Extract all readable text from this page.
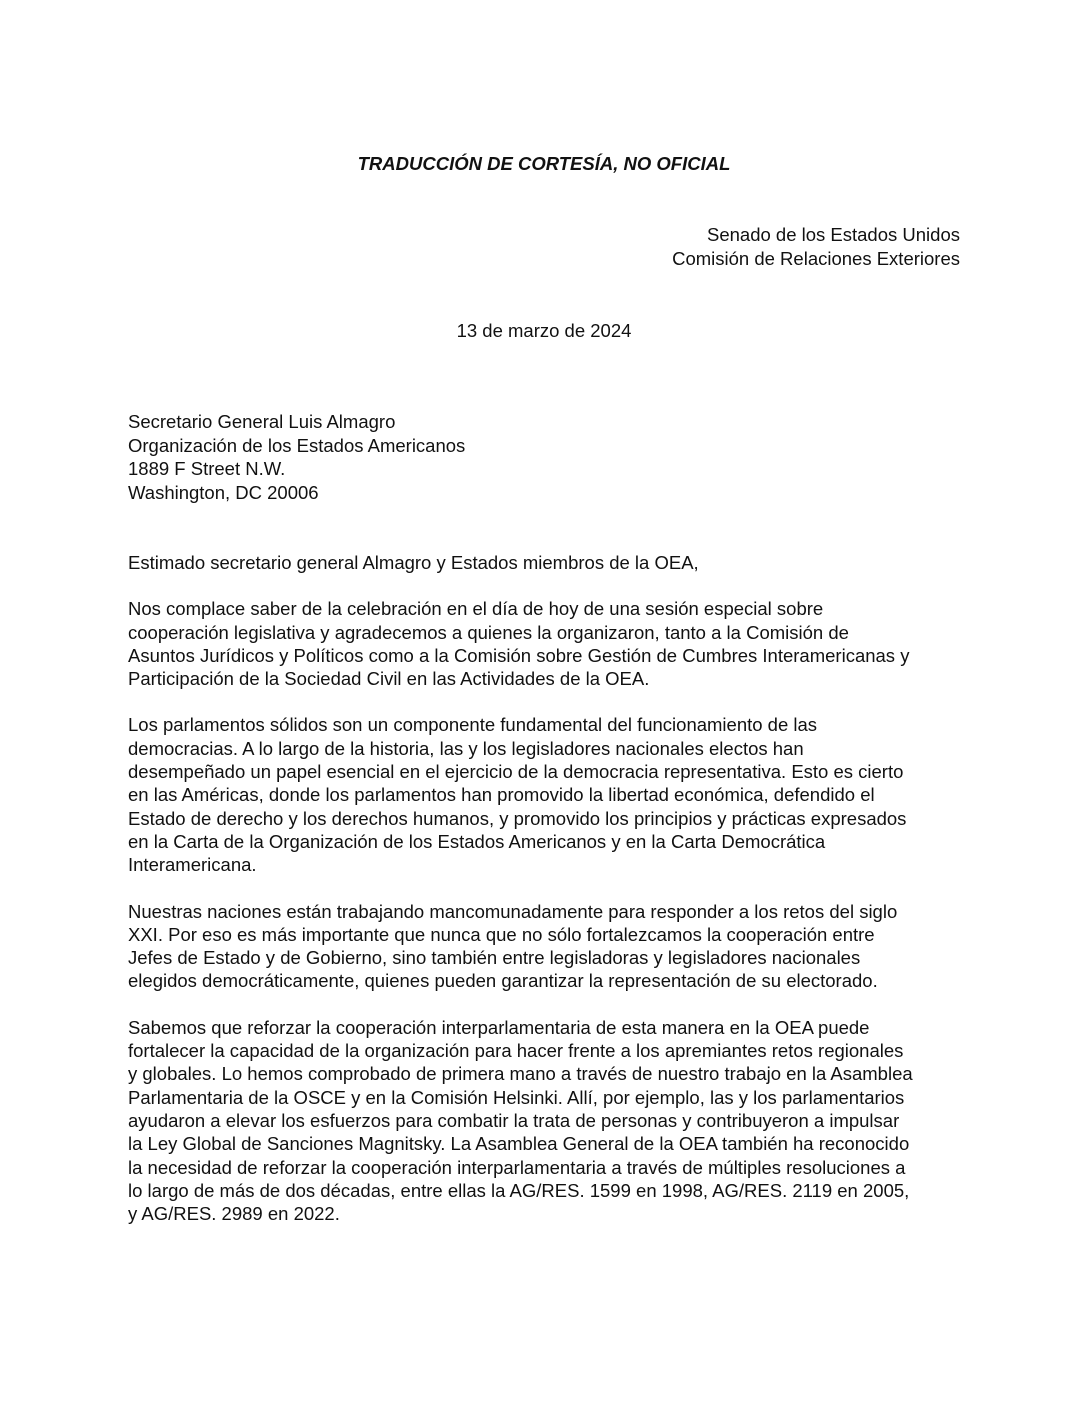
TRADUCCIÓN DE CORTESÍA, NO OFICIAL
Senado de los Estados Unidos
Comisión de Relaciones Exteriores
13 de marzo de 2024
Secretario General Luis Almagro
Organización de los Estados Americanos
1889 F Street N.W.
Washington, DC 20006

Estimado secretario general Almagro y Estados miembros de la OEA,

Nos complace saber de la celebración en el día de hoy de una sesión especial sobre
cooperación legislativa y agradecemos a quienes la organizaron, tanto a la Comisión de
Asuntos Jurídicos y Políticos como a la Comisión sobre Gestión de Cumbres Interamericanas y
Participación de la Sociedad Civil en las Actividades de la OEA.

Los parlamentos sólidos son un componente fundamental del funcionamiento de las
democracias. A lo largo de la historia, las y los legisladores nacionales electos han
desempeñado un papel esencial en el ejercicio de la democracia representativa. Esto es cierto
en las Américas, donde los parlamentos han promovido la libertad económica, defendido el
Estado de derecho y los derechos humanos, y promovido los principios y prácticas expresados
en la Carta de la Organización de los Estados Americanos y en la Carta Democrática
Interamericana.

Nuestras naciones están trabajando mancomunadamente para responder a los retos del siglo
XXI. Por eso es más importante que nunca que no sólo fortalezcamos la cooperación entre
Jefes de Estado y de Gobierno, sino también entre legisladoras y legisladores nacionales
elegidos democráticamente, quienes pueden garantizar la representación de su electorado.

Sabemos que reforzar la cooperación interparlamentaria de esta manera en la OEA puede
fortalecer la capacidad de la organización para hacer frente a los apremiantes retos regionales
y globales. Lo hemos comprobado de primera mano a través de nuestro trabajo en la Asamblea
Parlamentaria de la OSCE y en la Comisión Helsinki. Allí, por ejemplo, las y los parlamentarios
ayudaron a elevar los esfuerzos para combatir la trata de personas y contribuyeron a impulsar
la Ley Global de Sanciones Magnitsky. La Asamblea General de la OEA también ha reconocido
la necesidad de reforzar la cooperación interparlamentaria a través de múltiples resoluciones a
lo largo de más de dos décadas, entre ellas la AG/RES. 1599 en 1998, AG/RES. 2119 en 2005,
y AG/RES. 2989 en 2022.
